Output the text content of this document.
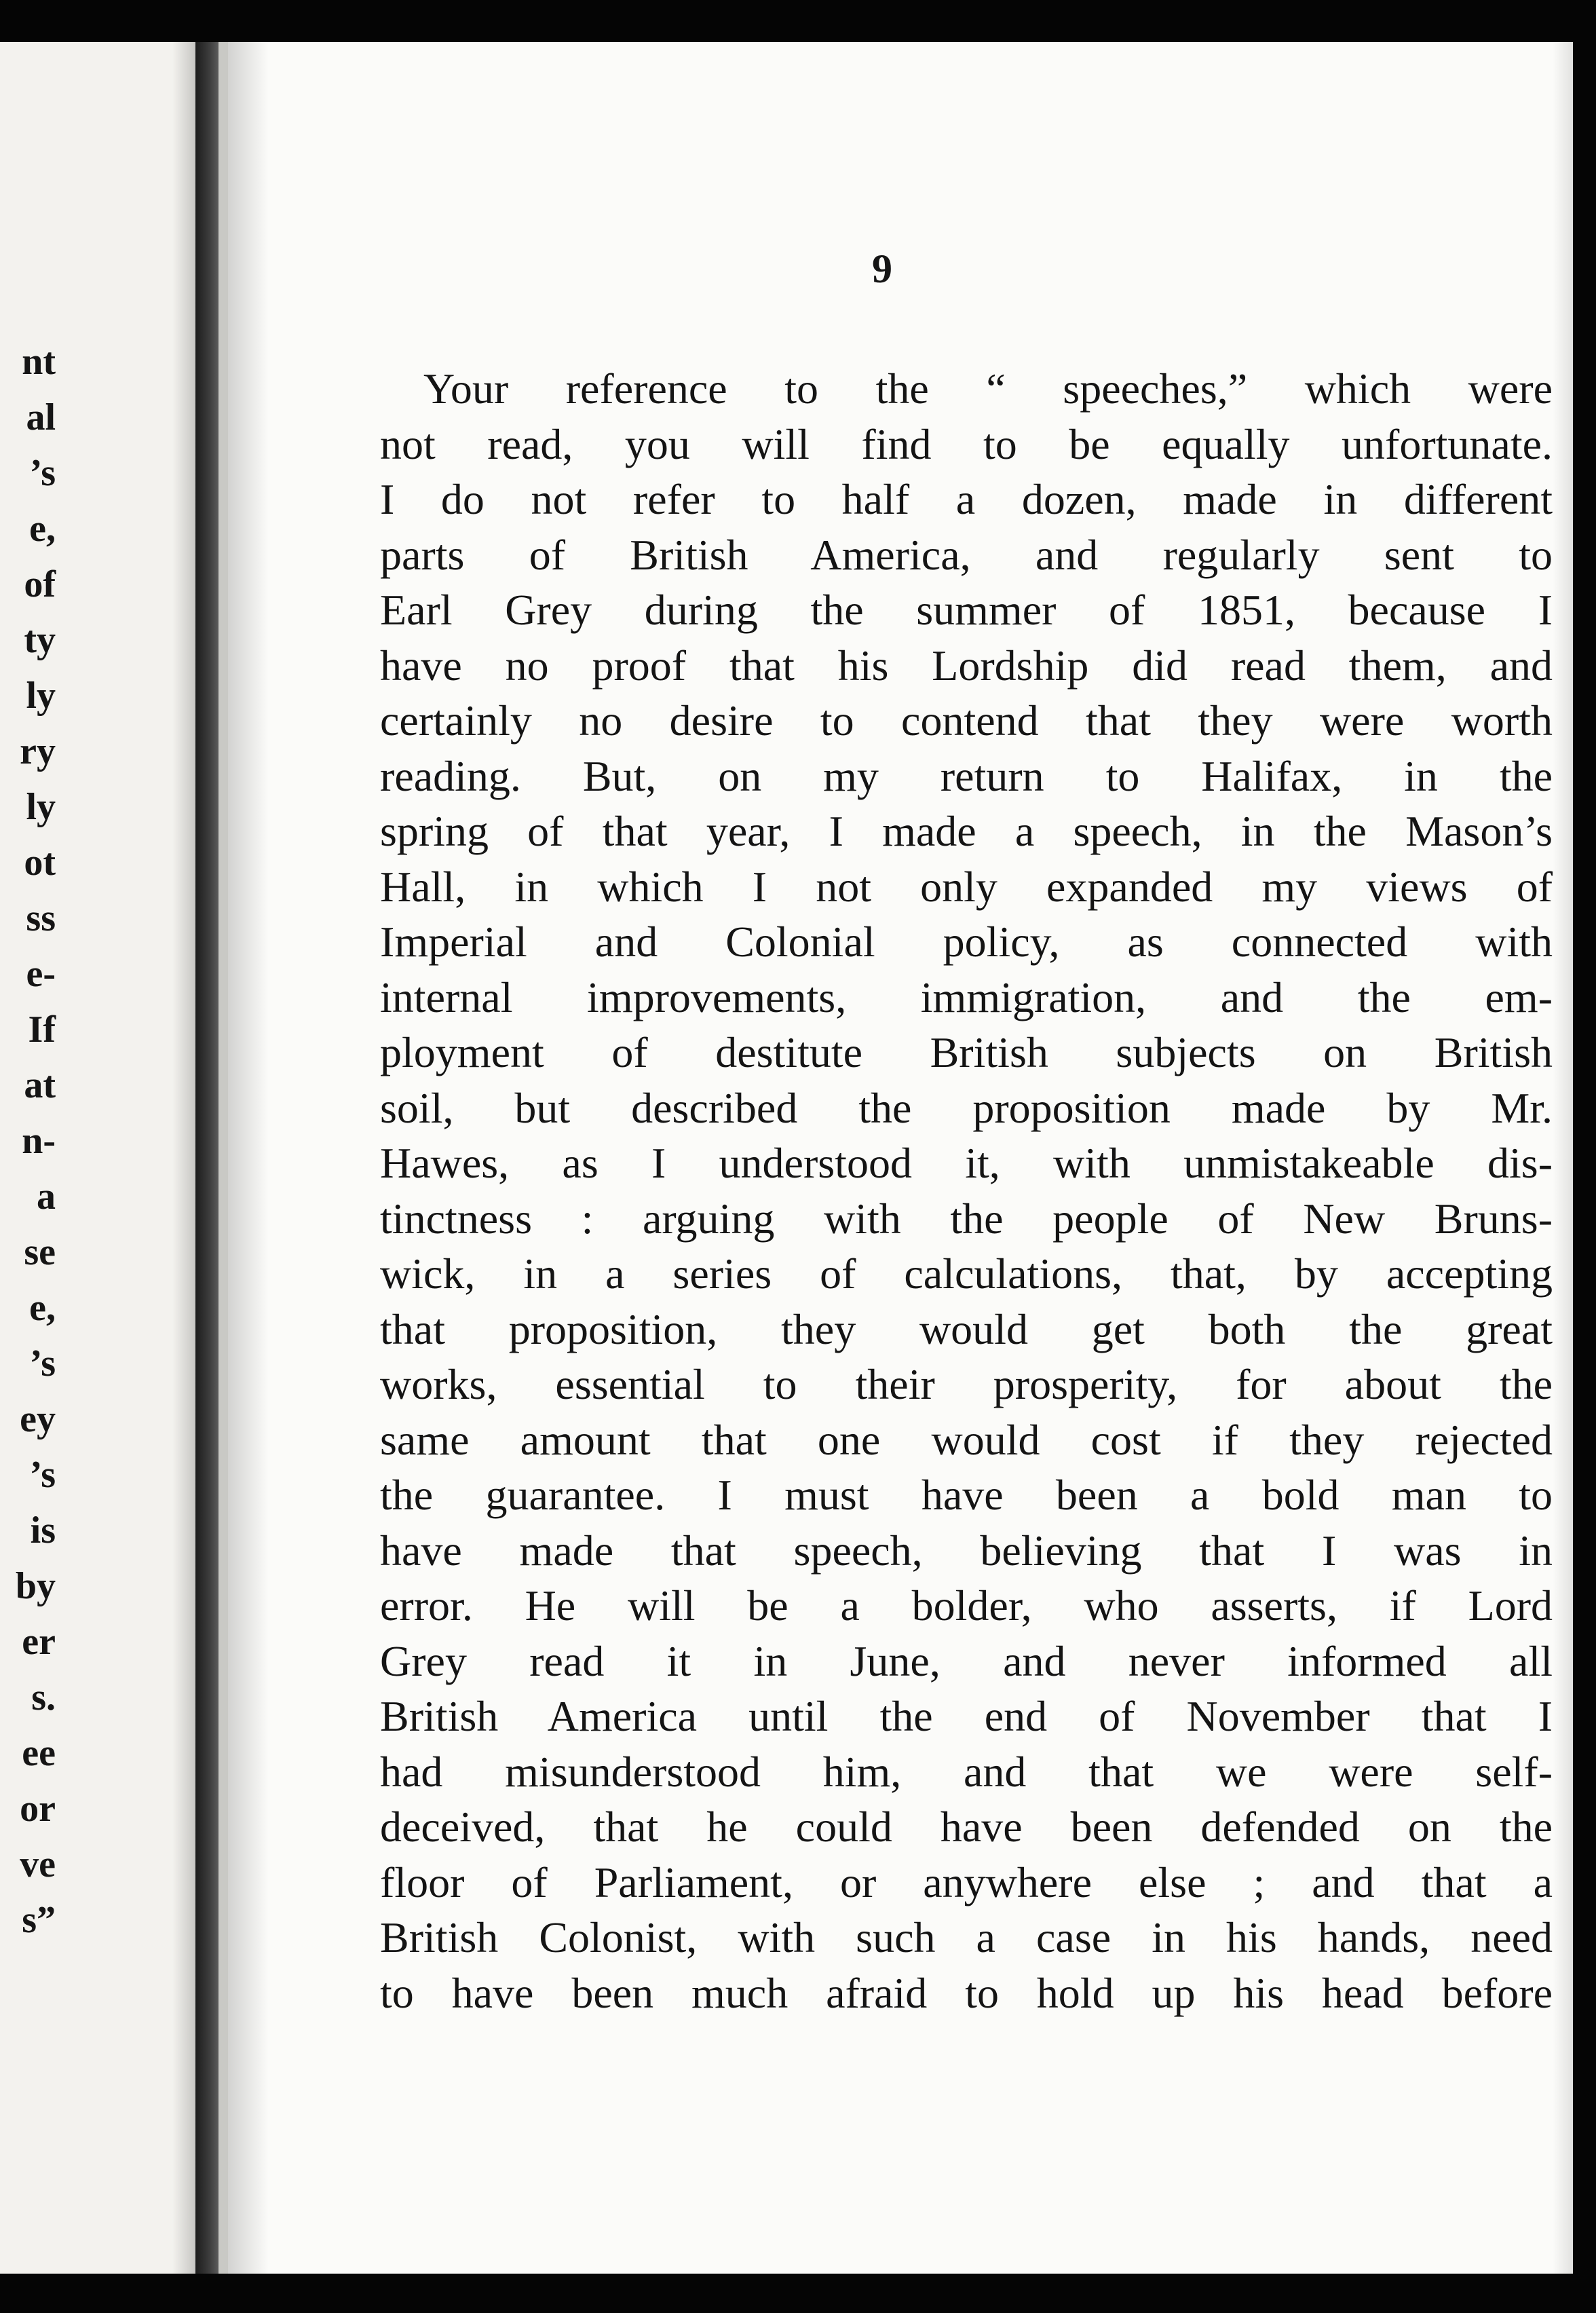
nt
al
’s
e,
of
ty
ly
ry
ly
ot
ss
e-
If
at
n-
a
se
e,
’s
ey
’s
is
by
er
s.
ee
or
ve
s”
9
Your reference to the “ speeches,” which were
not read, you will find to be equally unfortunate.
I do not refer to half a dozen, made in different
parts of British America, and regularly sent to
Earl Grey during the summer of 1851, because I
have no proof that his Lordship did read them, and
certainly no desire to contend that they were worth
reading. But, on my return to Halifax, in the
spring of that year, I made a speech, in the Mason’s
Hall, in which I not only expanded my views of
Imperial and Colonial policy, as connected with
internal improvements, immigration, and the em-
ployment of destitute British subjects on British
soil, but described the proposition made by Mr.
Hawes, as I understood it, with unmistakeable dis-
tinctness : arguing with the people of New Bruns-
wick, in a series of calculations, that, by accepting
that proposition, they would get both the great
works, essential to their prosperity, for about the
same amount that one would cost if they rejected
the guarantee. I must have been a bold man to
have made that speech, believing that I was in
error. He will be a bolder, who asserts, if Lord
Grey read it in June, and never informed all
British America until the end of November that I
had misunderstood him, and that we were self-
deceived, that he could have been defended on the
floor of Parliament, or anywhere else ; and that a
British Colonist, with such a case in his hands, need
to have been much afraid to hold up his head before
